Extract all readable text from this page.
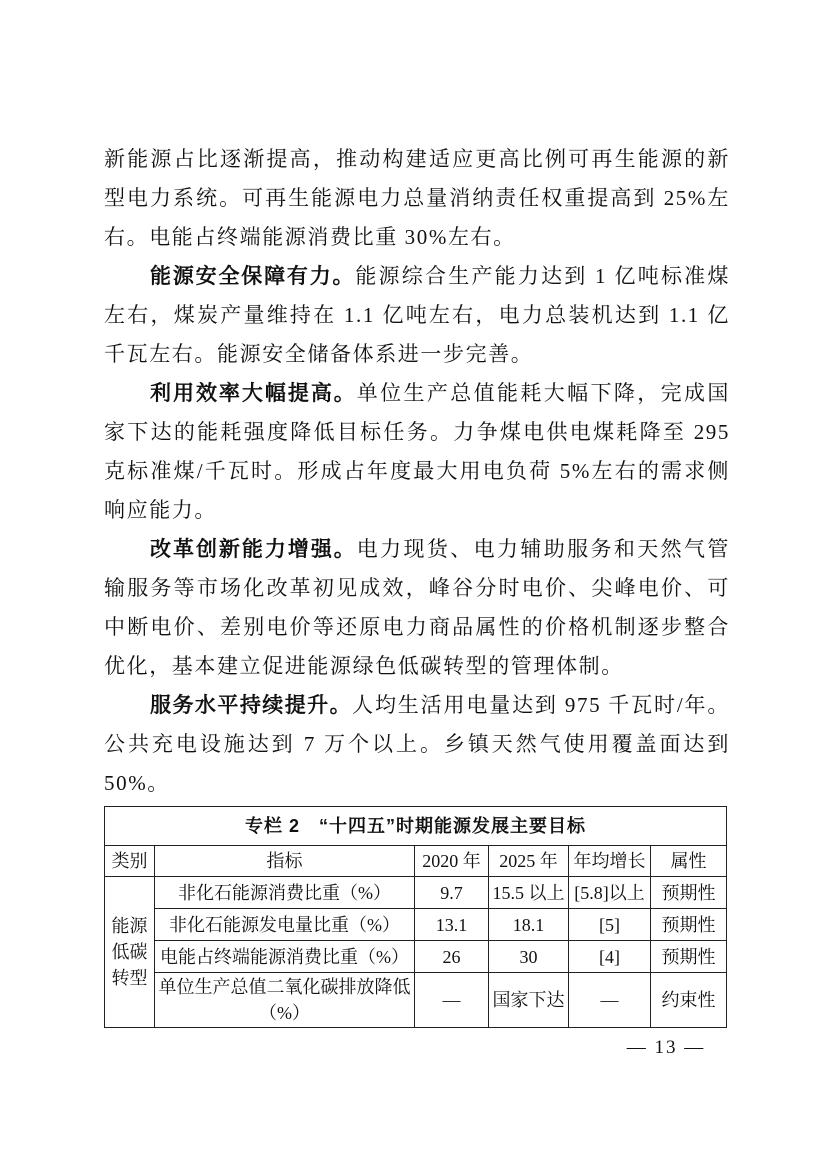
新能源占比逐渐提高，推动构建适应更高比例可再生能源的新型电力系统。可再生能源电力总量消纳责任权重提高到 25%左右。电能占终端能源消费比重 30%左右。

能源安全保障有力。能源综合生产能力达到 1 亿吨标准煤左右，煤炭产量维持在 1.1 亿吨左右，电力总装机达到 1.1 亿千瓦左右。能源安全储备体系进一步完善。

利用效率大幅提高。单位生产总值能耗大幅下降，完成国家下达的能耗强度降低目标任务。力争煤电供电煤耗降至 295 克标准煤/千瓦时。形成占年度最大用电负荷 5%左右的需求侧响应能力。

改革创新能力增强。电力现货、电力辅助服务和天然气管输服务等市场化改革初见成效，峰谷分时电价、尖峰电价、可中断电价、差别电价等还原电力商品属性的价格机制逐步整合优化，基本建立促进能源绿色低碳转型的管理体制。

服务水平持续提升。人均生活用电量达到 975 千瓦时/年。公共充电设施达到 7 万个以上。乡镇天然气使用覆盖面达到 50%。

专栏 2　“十四五”时期能源发展主要目标					
类别	指标	2020 年	2025 年	年均增长	属性
能源低碳转型	非化石能源消费比重（%）	9.7	15.5 以上	[5.8]以上	预期性
	非化石能源发电量比重（%）	13.1	18.1	[5]	预期性
	电能占终端能源消费比重（%）	26	30	[4]	预期性
	单位生产总值二氧化碳排放降低（%）	—	国家下达	—	约束性
— 13 —
